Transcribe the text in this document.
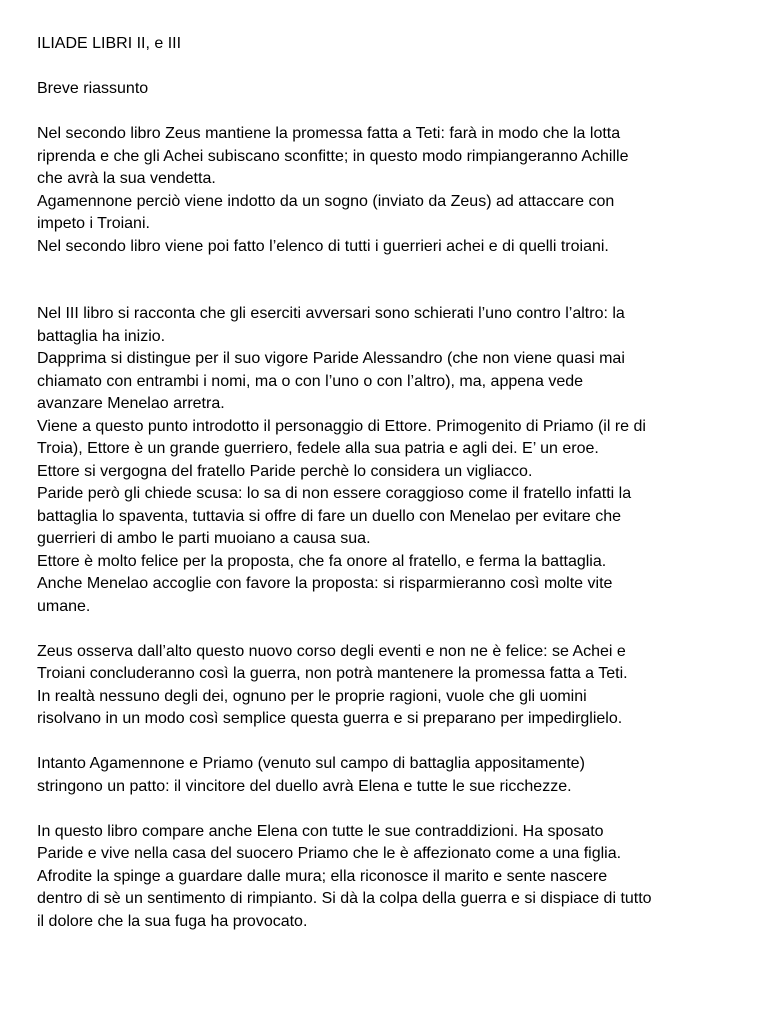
ILIADE LIBRI II, e III
Breve riassunto
Nel secondo libro Zeus mantiene la promessa fatta a Teti: farà in modo che la lotta
riprenda e che gli Achei subiscano sconfitte; in questo modo rimpiangeranno Achille
che avrà la sua vendetta.
Agamennone perciò viene indotto da un sogno (inviato da Zeus) ad attaccare con
impeto i Troiani.
Nel secondo libro viene poi fatto l’elenco di tutti i guerrieri achei e di quelli troiani.
Nel III libro si racconta che gli eserciti avversari sono schierati l’uno contro l’altro: la
battaglia ha inizio.
Dapprima si distingue per il suo vigore Paride Alessandro (che non viene quasi mai
chiamato con entrambi i nomi, ma o con l’uno o con l’altro), ma, appena vede
avanzare Menelao arretra.
Viene a questo punto introdotto il personaggio di Ettore. Primogenito di Priamo (il re di
Troia), Ettore è un grande guerriero, fedele alla sua patria e agli dei. E’ un eroe.
Ettore si vergogna del fratello Paride perchè lo considera un vigliacco.
Paride però gli chiede scusa: lo sa di non essere coraggioso come il fratello infatti la
battaglia lo spaventa, tuttavia si offre di fare un duello con Menelao per evitare che
guerrieri di ambo le parti muoiano a causa sua.
Ettore è molto felice per la proposta, che fa onore al fratello, e ferma la battaglia.
Anche Menelao accoglie con favore la proposta: si risparmieranno così molte vite
umane.
Zeus osserva dall’alto questo nuovo corso degli eventi e non ne è felice: se Achei e
Troiani concluderanno così la guerra, non potrà mantenere la promessa fatta a Teti.
In realtà nessuno degli dei, ognuno per le proprie ragioni, vuole che gli uomini
risolvano in un modo così semplice questa guerra e si preparano per impedirglielo.
Intanto Agamennone e Priamo (venuto sul campo di battaglia appositamente)
stringono un patto: il vincitore del duello avrà Elena e tutte le sue ricchezze.
In questo libro compare anche Elena con tutte le sue contraddizioni. Ha sposato
Paride e vive nella casa del suocero Priamo che le è affezionato come a una figlia.
Afrodite la spinge a guardare dalle mura; ella riconosce il marito e sente nascere
dentro di sè un sentimento di rimpianto. Si dà la colpa della guerra e si dispiace di tutto
il dolore che la sua fuga ha provocato.
